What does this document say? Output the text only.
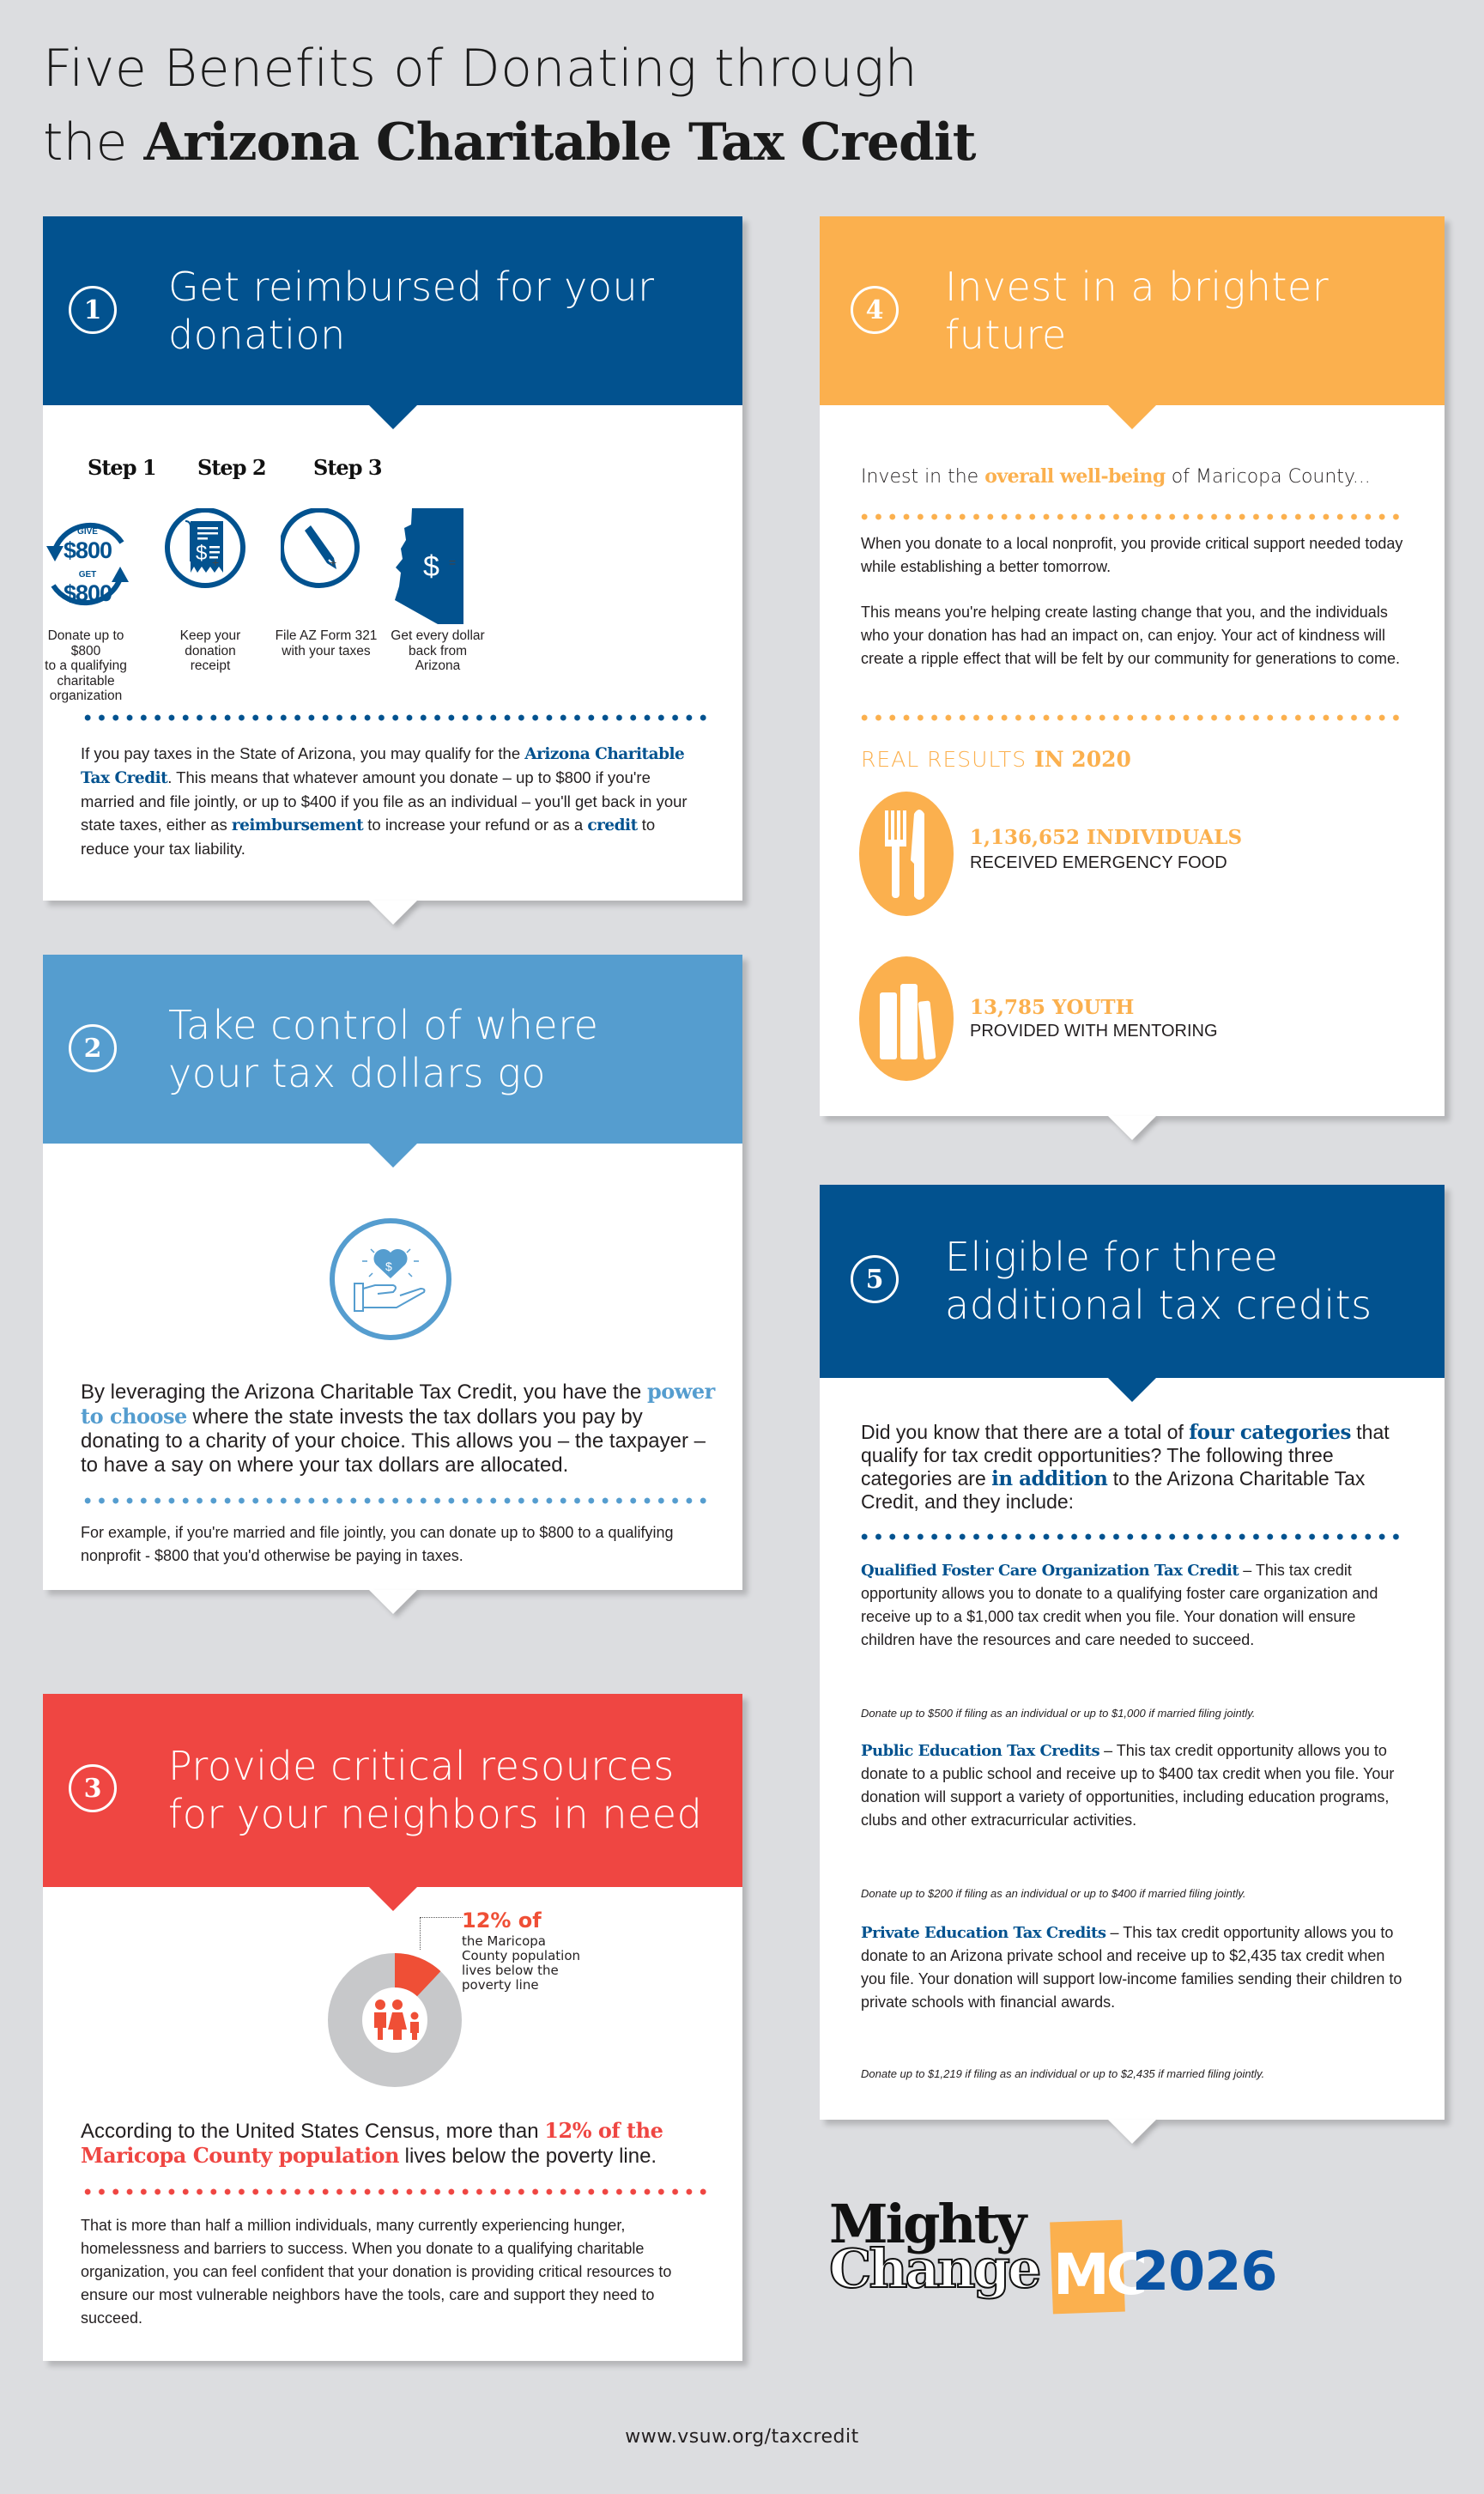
Five Benefits of Donating through
the Arizona Charitable Tax Credit
1	Get reimbursed for your
donation
Step 1 Step 2 Step 3
GIVE
$800
GET
$800
$	$
+	+	=
Donate up to $800
to a qualifying
charitable
organization
Keep your donation
receipt
File AZ Form 321
with your taxes
Get every dollar
back from Arizona
If you pay taxes in the State of Arizona, you may qualify for the Arizona Charitable Tax Credit. This means that whatever amount you donate – up to $800 if you're married and file jointly, or up to $400 if you file as an individual – you'll get back in your state taxes, either as reimbursement to increase your refund or as a credit to reduce your tax liability.
2	Take control of where
your tax dollars go
$
By leveraging the Arizona Charitable Tax Credit, you have the power to choose where the state invests the tax dollars you pay by donating to a charity of your choice. This allows you – the taxpayer – to have a say on where your tax dollars are allocated.
For example, if you're married and file jointly, you can donate up to $800 to a qualifying nonprofit - $800 that you'd otherwise be paying in taxes.
3	Provide critical resources
for your neighbors in need
12% of
the Maricopa
County population
lives below the
poverty line
According to the United States Census, more than 12% of the Maricopa County population lives below the poverty line.
That is more than half a million individuals, many currently experiencing hunger, homelessness and barriers to success. When you donate to a qualifying charitable organization, you can feel confident that your donation is providing critical resources to ensure our most vulnerable neighbors have the tools, care and support they need to succeed.
4	Invest in a brighter
future
Invest in the overall well-being of Maricopa County...
When you donate to a local nonprofit, you provide critical support needed today while establishing a better tomorrow.
This means you're helping create lasting change that you, and the individuals who your donation has had an impact on, can enjoy. Your act of kindness will create a ripple effect that will be felt by our community for generations to come.
REAL RESULTS IN 2020
1,136,652 INDIVIDUALS
RECEIVED EMERGENCY FOOD
13,785 YOUTH
PROVIDED WITH MENTORING
5	Eligible for three
additional tax credits
Did you know that there are a total of four categories that qualify for tax credit opportunities? The following three categories are in addition to the Arizona Charitable Tax Credit, and they include:
Qualified Foster Care Organization Tax Credit – This tax credit opportunity allows you to donate to a qualifying foster care organization and receive up to a $1,000 tax credit when you file. Your donation will ensure children have the resources and care needed to succeed.
Donate up to $500 if filing as an individual or up to $1,000 if married filing jointly.
Public Education Tax Credits – This tax credit opportunity allows you to donate to a public school and receive up to $400 tax credit when you file. Your donation will support a variety of opportunities, including education programs, clubs and other extracurricular activities.
Donate up to $200 if filing as an individual or up to $400 if married filing jointly.
Private Education Tax Credits – This tax credit opportunity allows you to donate to an Arizona private school and receive up to $2,435 tax credit when you file. Your donation will support low-income families sending their children to private schools with financial awards.
Donate up to $1,219 if filing as an individual or up to $2,435 if married filing jointly.
Mighty
Change MC
2026
www.vsuw.org/taxcredit
